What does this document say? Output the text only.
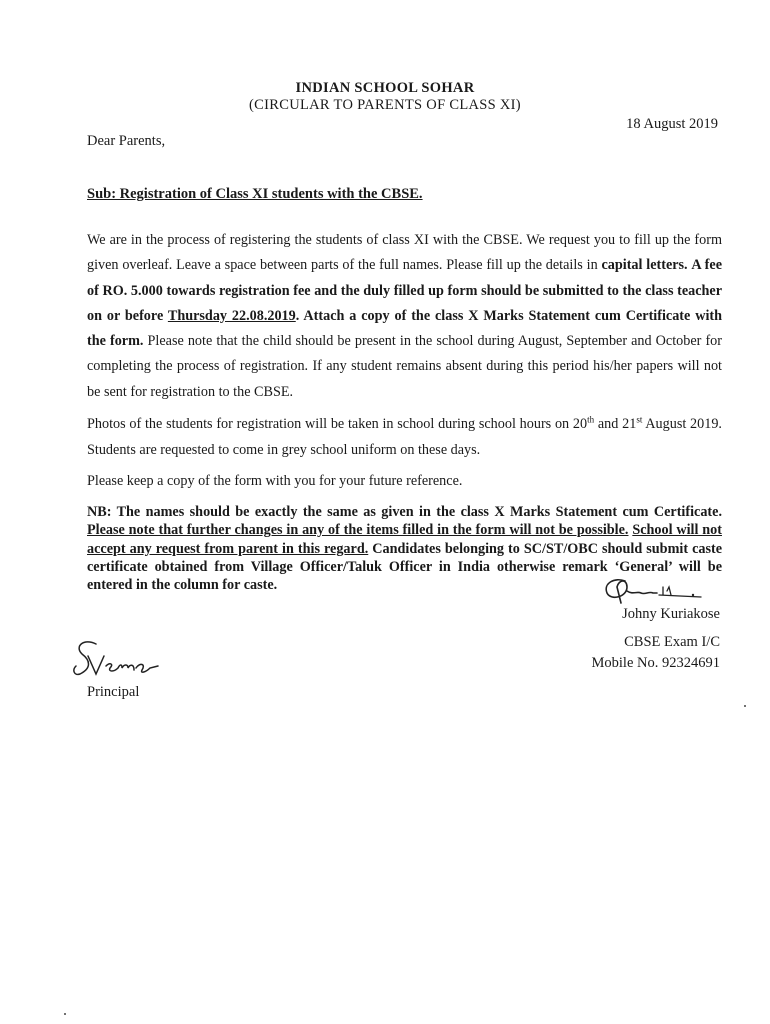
INDIAN SCHOOL SOHAR
(CIRCULAR TO PARENTS OF CLASS XI)
18 August 2019
Dear Parents,
Sub: Registration of Class XI students with the CBSE.
We are in the process of registering the students of class XI with the CBSE. We request you to fill up the form given overleaf. Leave a space between parts of the full names. Please fill up the details in capital letters. A fee of RO. 5.000 towards registration fee and the duly filled up form should be submitted to the class teacher on or before Thursday 22.08.2019. Attach a copy of the class X Marks Statement cum Certificate with the form. Please note that the child should be present in the school during August, September and October for completing the process of registration. If any student remains absent during this period his/her papers will not be sent for registration to the CBSE.
Photos of the students for registration will be taken in school during school hours on 20th and 21st August 2019. Students are requested to come in grey school uniform on these days.
Please keep a copy of the form with you for your future reference.
NB: The names should be exactly the same as given in the class X Marks Statement cum Certificate. Please note that further changes in any of the items filled in the form will not be possible. School will not accept any request from parent in this regard. Candidates belonging to SC/ST/OBC should submit caste certificate obtained from Village Officer/Taluk Officer in India otherwise remark ‘General’ will be entered in the column for caste.
Johny Kuriakose
CBSE Exam I/C
Mobile No. 92324691
Principal
